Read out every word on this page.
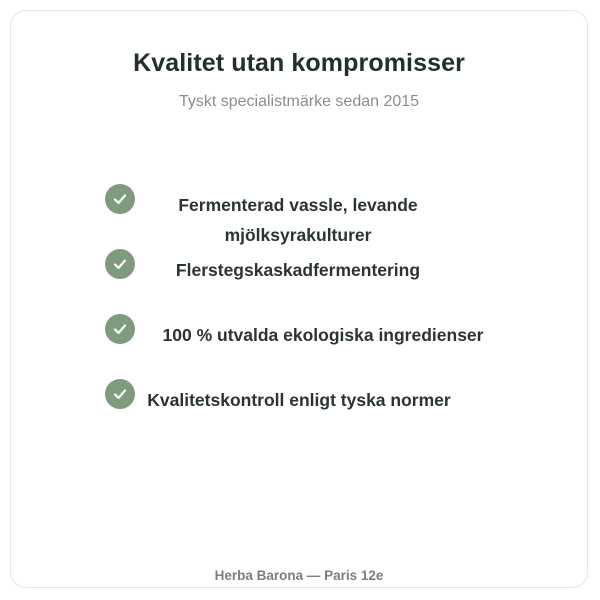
Kvalitet utan kompromisser
Tyskt specialistmärke sedan 2015
Fermenterad vassle, levande mjölksyrakulturer
Flerstegskaskadfermentering
100 % utvalda ekologiska ingredienser
Kvalitetskontroll enligt tyska normer
Herba Barona — Paris 12e
